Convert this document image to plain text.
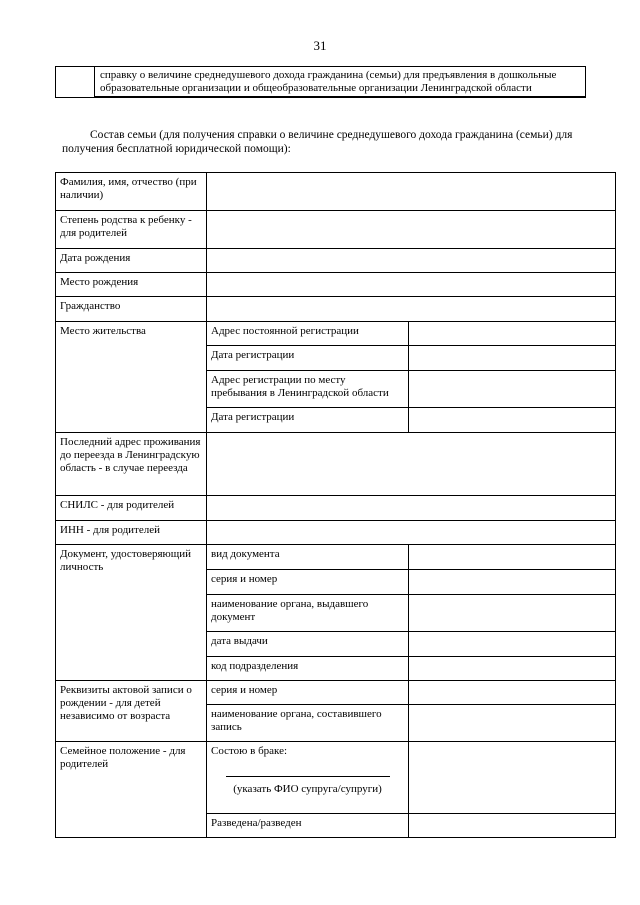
31
	справку о величине среднедушевого дохода гражданина (семьи) для предъявления в дошкольные образовательные организации и общеобразовательные организации Ленинградской области
Состав семьи (для получения справки о величине среднедушевого дохода гражданина (семьи) для получения бесплатной юридической помощи):
Фамилия, имя, отчество (при наличии)		
Степень родства к ребенку - для родителей		
Дата рождения		
Место рождения		
Гражданство		
Место жительства	Адрес постоянной регистрации	
	Дата регистрации	
	Адрес регистрации по месту пребывания в Ленинградской области	
	Дата регистрации	
Последний адрес проживания до переезда в Ленинградскую область - в случае переезда		
СНИЛС - для родителей		
ИНН - для родителей		
Документ, удостоверяющий личность	вид документа	
	серия и номер	
	наименование органа, выдавшего документ	
	дата выдачи	
	код подразделения	
Реквизиты актовой записи о рождении - для детей независимо от возраста	серия и номер	
	наименование органа, составившего запись	
Семейное положение - для родителей	Состою в браке:
(указать ФИО супруга/супруги)	

	Разведена/разведен	
